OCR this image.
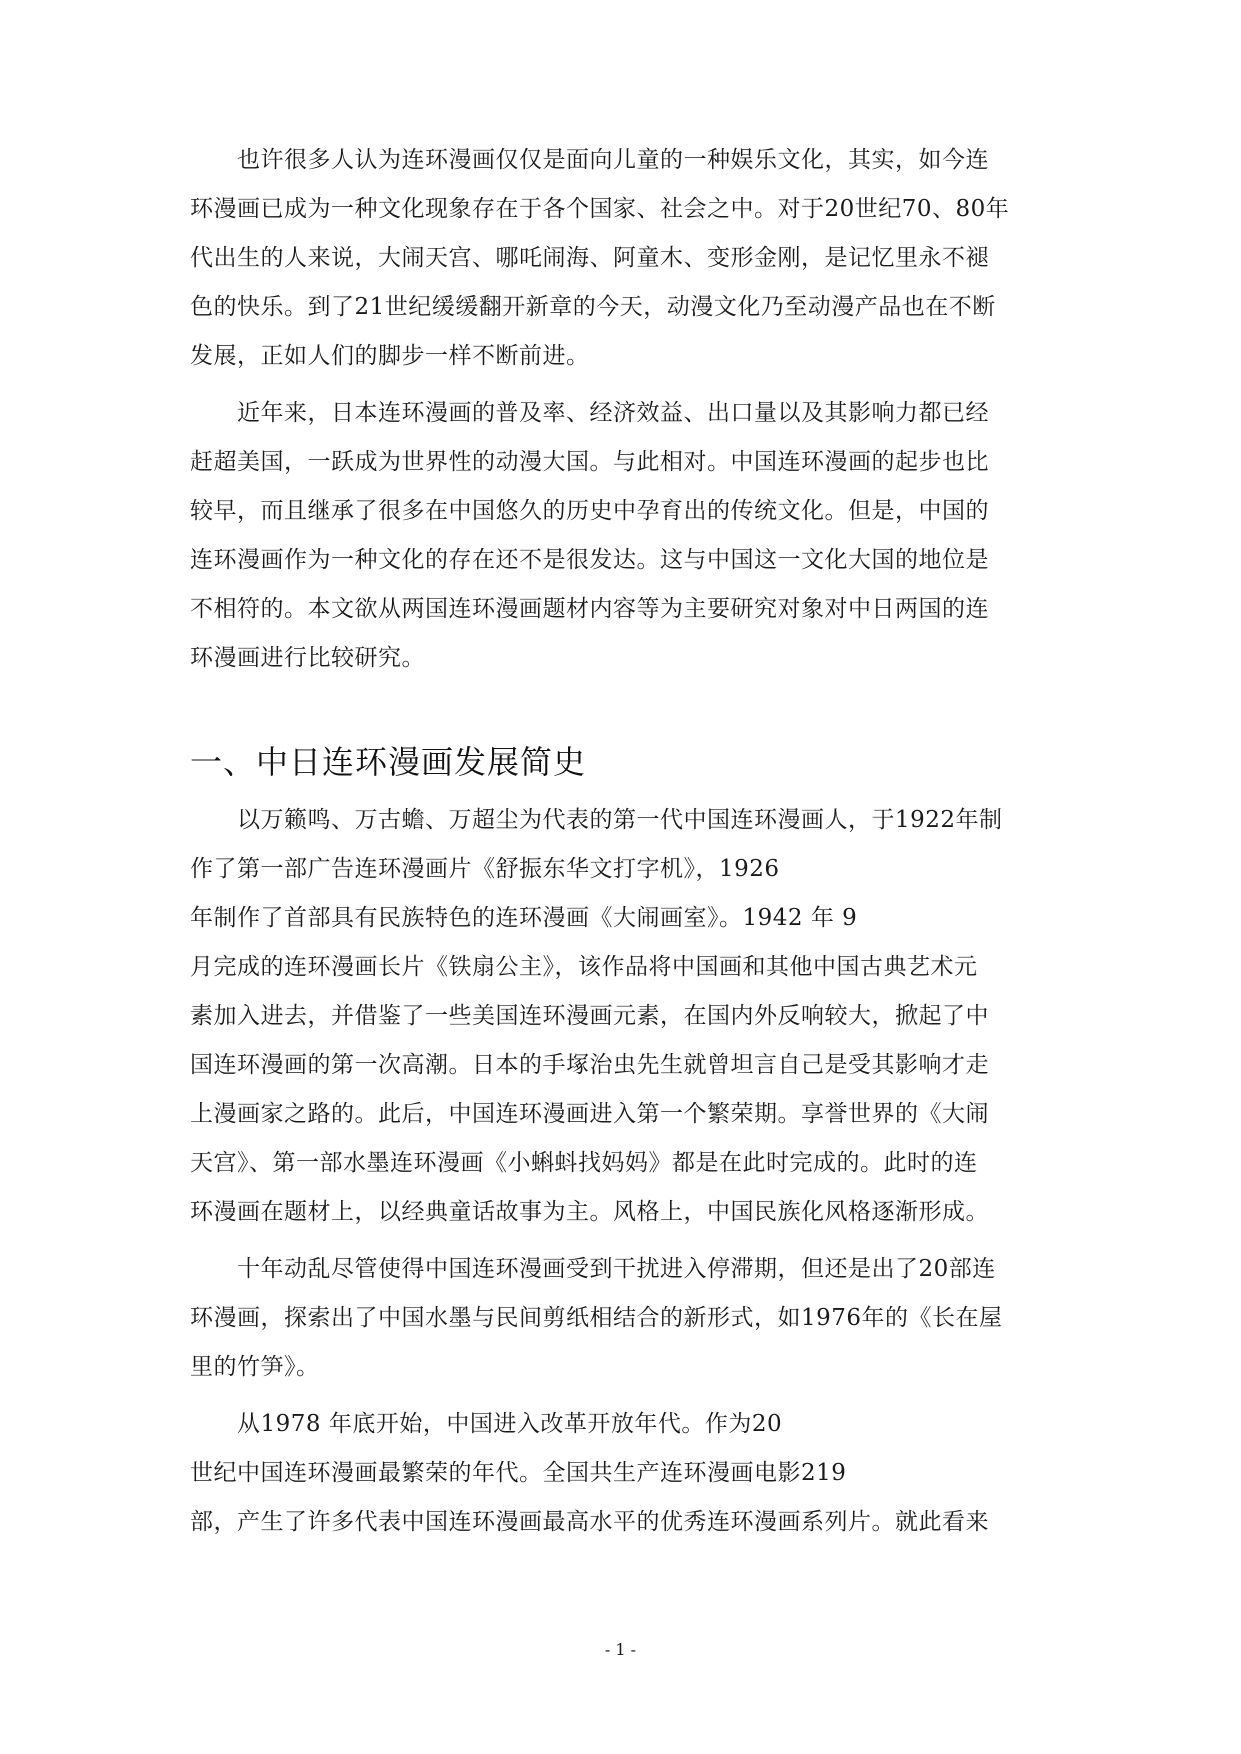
　　也许很多人认为连环漫画仅仅是面向儿童的一种娱乐文化，其实，如今连
环漫画已成为一种文化现象存在于各个国家、社会之中。对于20世纪70、80年
代出生的人来说，大闹天宫、哪吒闹海、阿童木、变形金刚，是记忆里永不褪
色的快乐。到了21世纪缓缓翻开新章的今天，动漫文化乃至动漫产品也在不断
发展，正如人们的脚步一样不断前进。
　　近年来，日本连环漫画的普及率、经济效益、出口量以及其影响力都已经
赶超美国，一跃成为世界性的动漫大国。与此相对。中国连环漫画的起步也比
较早，而且继承了很多在中国悠久的历史中孕育出的传统文化。但是，中国的
连环漫画作为一种文化的存在还不是很发达。这与中国这一文化大国的地位是
不相符的。本文欲从两国连环漫画题材内容等为主要研究对象对中日两国的连
环漫画进行比较研究。
一、中日连环漫画发展简史
　　以万籁鸣、万古蟾、万超尘为代表的第一代中国连环漫画人，于1922年制
作了第一部广告连环漫画片《舒振东华文打字机》，1926
年制作了首部具有民族特色的连环漫画《大闹画室》。1942 年 9
月完成的连环漫画长片《铁扇公主》，该作品将中国画和其他中国古典艺术元
素加入进去，并借鉴了一些美国连环漫画元素，在国内外反响较大，掀起了中
国连环漫画的第一次高潮。日本的手塚治虫先生就曾坦言自己是受其影响才走
上漫画家之路的。此后，中国连环漫画进入第一个繁荣期。享誉世界的《大闹
天宫》、第一部水墨连环漫画《小蝌蚪找妈妈》都是在此时完成的。此时的连
环漫画在题材上，以经典童话故事为主。风格上，中国民族化风格逐渐形成。
　　十年动乱尽管使得中国连环漫画受到干扰进入停滞期，但还是出了20部连
环漫画，探索出了中国水墨与民间剪纸相结合的新形式，如1976年的《长在屋
里的竹笋》。
　　从1978 年底开始，中国进入改革开放年代。作为20
世纪中国连环漫画最繁荣的年代。全国共生产连环漫画电影219
部，产生了许多代表中国连环漫画最高水平的优秀连环漫画系列片。就此看来
- 1 -
